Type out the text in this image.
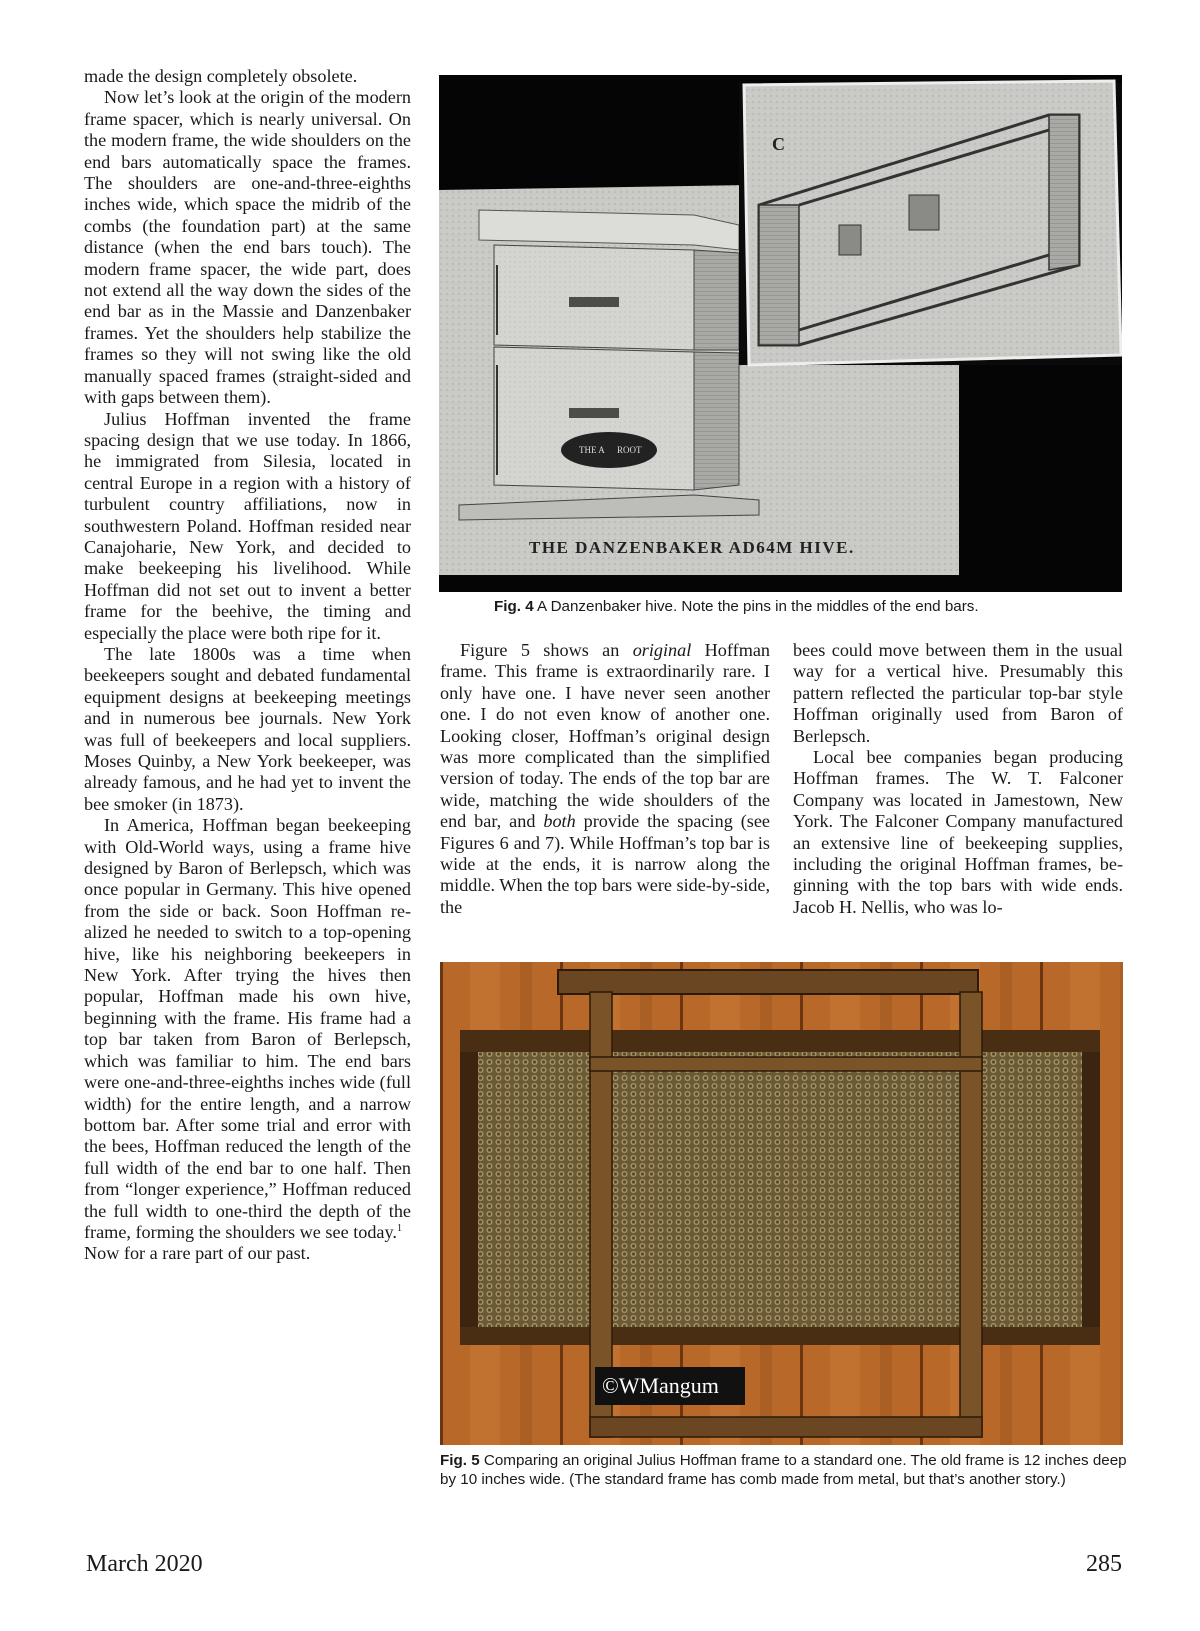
made the design completely obsolete.

Now let’s look at the origin of the modern frame spacer, which is nearly universal. On the modern frame, the wide shoulders on the end bars automatically space the frames. The shoulders are one-and-three-eighths inches wide, which space the midrib of the combs (the foundation part) at the same distance (when the end bars touch). The modern frame spacer, the wide part, does not extend all the way down the sides of the end bar as in the Massie and Danzenbaker frames. Yet the shoulders help stabilize the frames so they will not swing like the old manually spaced frames (straight-sided and with gaps between them).

Julius Hoffman invented the frame spacing design that we use today. In 1866, he immigrated from Silesia, located in central Europe in a region with a history of turbulent country affiliations, now in southwestern Poland. Hoffman resided near Canajoharie, New York, and decided to make beekeeping his livelihood. While Hoffman did not set out to invent a better frame for the beehive, the timing and especially the place were both ripe for it.

The late 1800s was a time when beekeepers sought and debated fundamental equipment designs at beekeeping meetings and in numerous bee journals. New York was full of beekeepers and local suppliers. Moses Quinby, a New York beekeeper, was already famous, and he had yet to invent the bee smoker (in 1873).

In America, Hoffman began beekeeping with Old-World ways, using a frame hive designed by Baron of Berlepsch, which was once popular in Germany. This hive opened from the side or back. Soon Hoffman realized he needed to switch to a top-opening hive, like his neighboring beekeepers in New York. After trying the hives then popular, Hoffman made his own hive, beginning with the frame. His frame had a top bar taken from Baron of Berlepsch, which was familiar to him. The end bars were one-and-three-eighths inches wide (full width) for the entire length, and a narrow bottom bar. After some trial and error with the bees, Hoffman reduced the length of the full width of the end bar to one half. Then from “longer experience,” Hoffman reduced the full width to one-third the depth of the frame, forming the shoulders we see today.$^1$

Now for a rare part of our past.

THE A ROOT
THE DANZENBAKER AD64M HIVE.
C
Fig. 4 A Danzenbaker hive. Note the pins in the middles of the end bars.

Figure 5 shows an original Hoffman frame. This frame is extraordinarily rare. I only have one. I have never seen another one. I do not even know of another one. Looking closer, Hoffman’s original design was more complicated than the simplified version of today. The ends of the top bar are wide, matching the wide shoulders of the end bar, and both provide the spacing (see Figures 6 and 7). While Hoffman’s top bar is wide at the ends, it is narrow along the middle. When the top bars were side-by-side, the

bees could move between them in the usual way for a vertical hive. Presumably this pattern reflected the particular top-bar style Hoffman originally used from Baron of Berlepsch.

Local bee companies began producing Hoffman frames. The W. T. Falconer Company was located in Jamestown, New York. The Falconer Company manufactured an extensive line of beekeeping supplies, including the original Hoffman frames, beginning with the top bars with wide ends. Jacob H. Nellis, who was lo-

©WMangum
Fig. 5 Comparing an original Julius Hoffman frame to a standard one. The old frame is 12 inches deep by 10 inches wide. (The standard frame has comb made from metal, but that’s another story.)
March 2020	285
